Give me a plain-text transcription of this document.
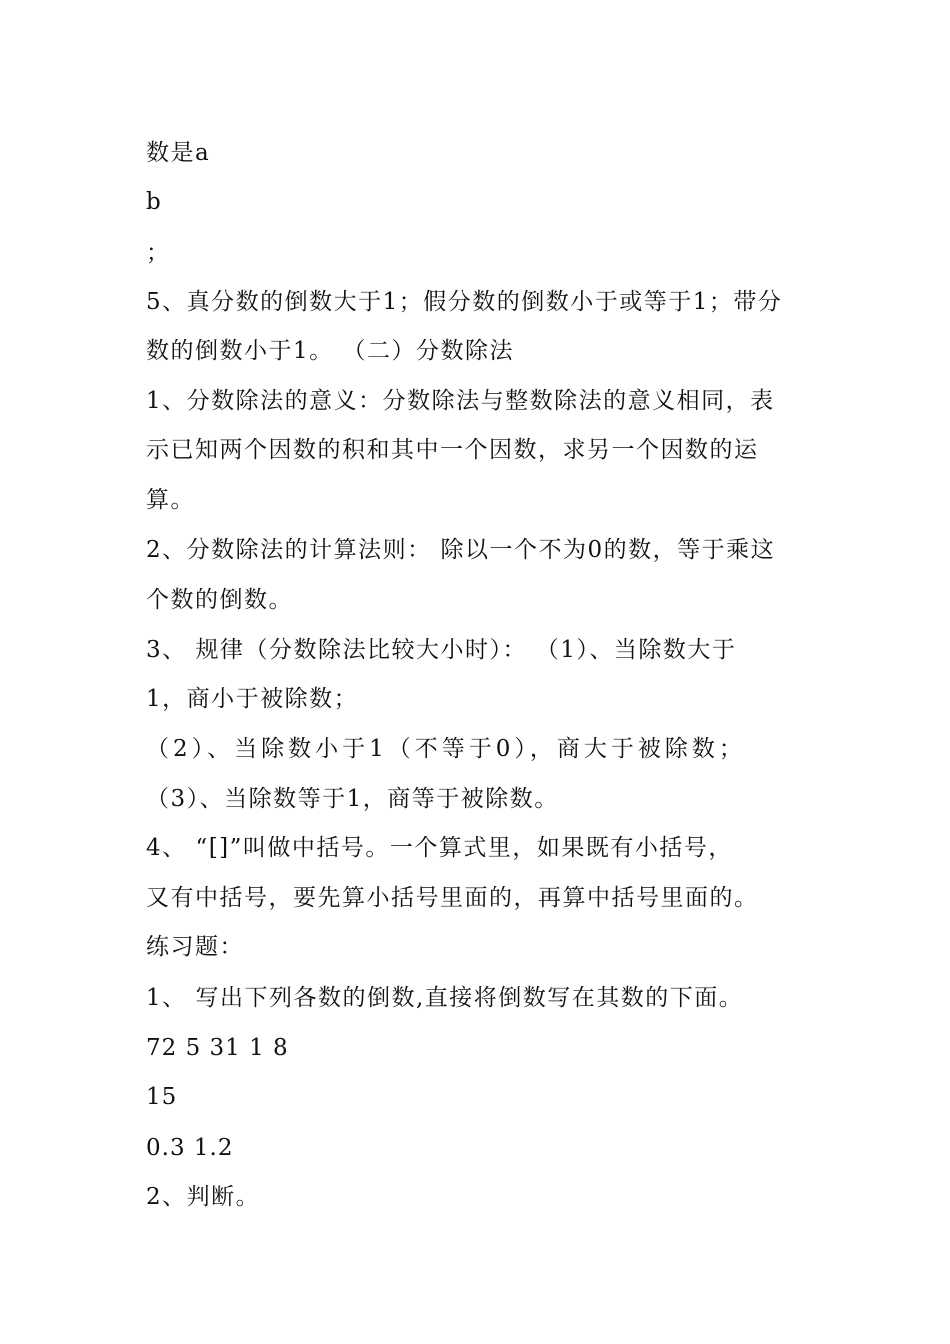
数是a
b
；
5、真分数的倒数大于1；假分数的倒数小于或等于1；带分
数的倒数小于1。 （二）分数除法
1、分数除法的意义：分数除法与整数除法的意义相同，表
示已知两个因数的积和其中一个因数，求另一个因数的运
算。
2、分数除法的计算法则： 除以一个不为0的数，等于乘这
个数的倒数。
3、 规律（分数除法比较大小时）： （1）、当除数大于
1，商小于被除数；
（2）、当除数小于1（不等于0），商大于被除数；
（3）、当除数等于1，商等于被除数。
4、 “[]”叫做中括号。一个算式里，如果既有小括号，
又有中括号，要先算小括号里面的，再算中括号里面的。
练习题：
1、 写出下列各数的倒数,直接将倒数写在其数的下面。
72 5 31 1 8
15
0.3 1.2
2、判断。
